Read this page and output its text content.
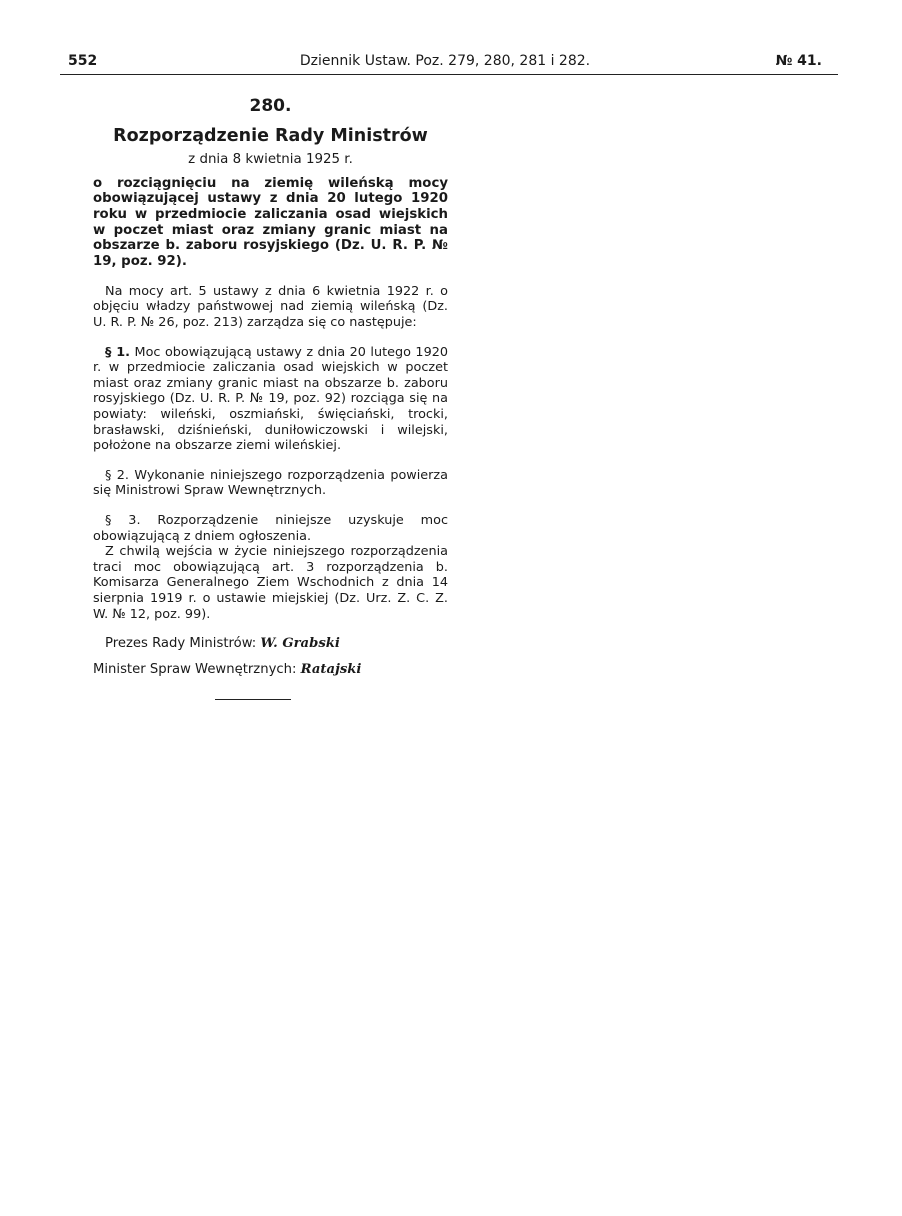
552	Dziennik Ustaw. Poz. 279, 280, 281 i 282.	№ 41.
280.
Rozporządzenie Rady Ministrów
z dnia 8 kwietnia 1925 r.
o rozciągnięciu na ziemię wileńską mocy obowiązującej ustawy z dnia 20 lutego 1920 roku w przedmiocie zaliczania osad wiejskich w poczet miast oraz zmiany granic miast na obszarze b. zaboru rosyjskiego (Dz. U. R. P. № 19, poz. 92).

Na mocy art. 5 ustawy z dnia 6 kwietnia 1922 r. o objęciu władzy państwowej nad ziemią wileńską (Dz. U. R. P. № 26, poz. 213) zarządza się co następuje:

§ 1. Moc obowiązującą ustawy z dnia 20 lutego 1920 r. w przedmiocie zaliczania osad wiejskich w poczet miast oraz zmiany granic miast na obszarze b. zaboru rosyjskiego (Dz. U. R. P. № 19, poz. 92) rozciąga się na powiaty: wileński, oszmiański, święciański, trocki, brasławski, dziśnieński, duniłowiczowski i wilejski, położone na obszarze ziemi wileńskiej.

§ 2. Wykonanie niniejszego rozporządzenia powierza się Ministrowi Spraw Wewnętrznych.

§ 3. Rozporządzenie niniejsze uzyskuje moc obowiązującą z dniem ogłoszenia.

Z chwilą wejścia w życie niniejszego rozporządzenia traci moc obowiązującą art. 3 rozporządzenia b. Komisarza Generalnego Ziem Wschodnich z dnia 14 sierpnia 1919 r. o ustawie miejskiej (Dz. Urz. Z. C. Z. W. № 12, poz. 99).

Prezes Rady Ministrów: W. Grabski
Minister Spraw Wewnętrznych: Ratajski
